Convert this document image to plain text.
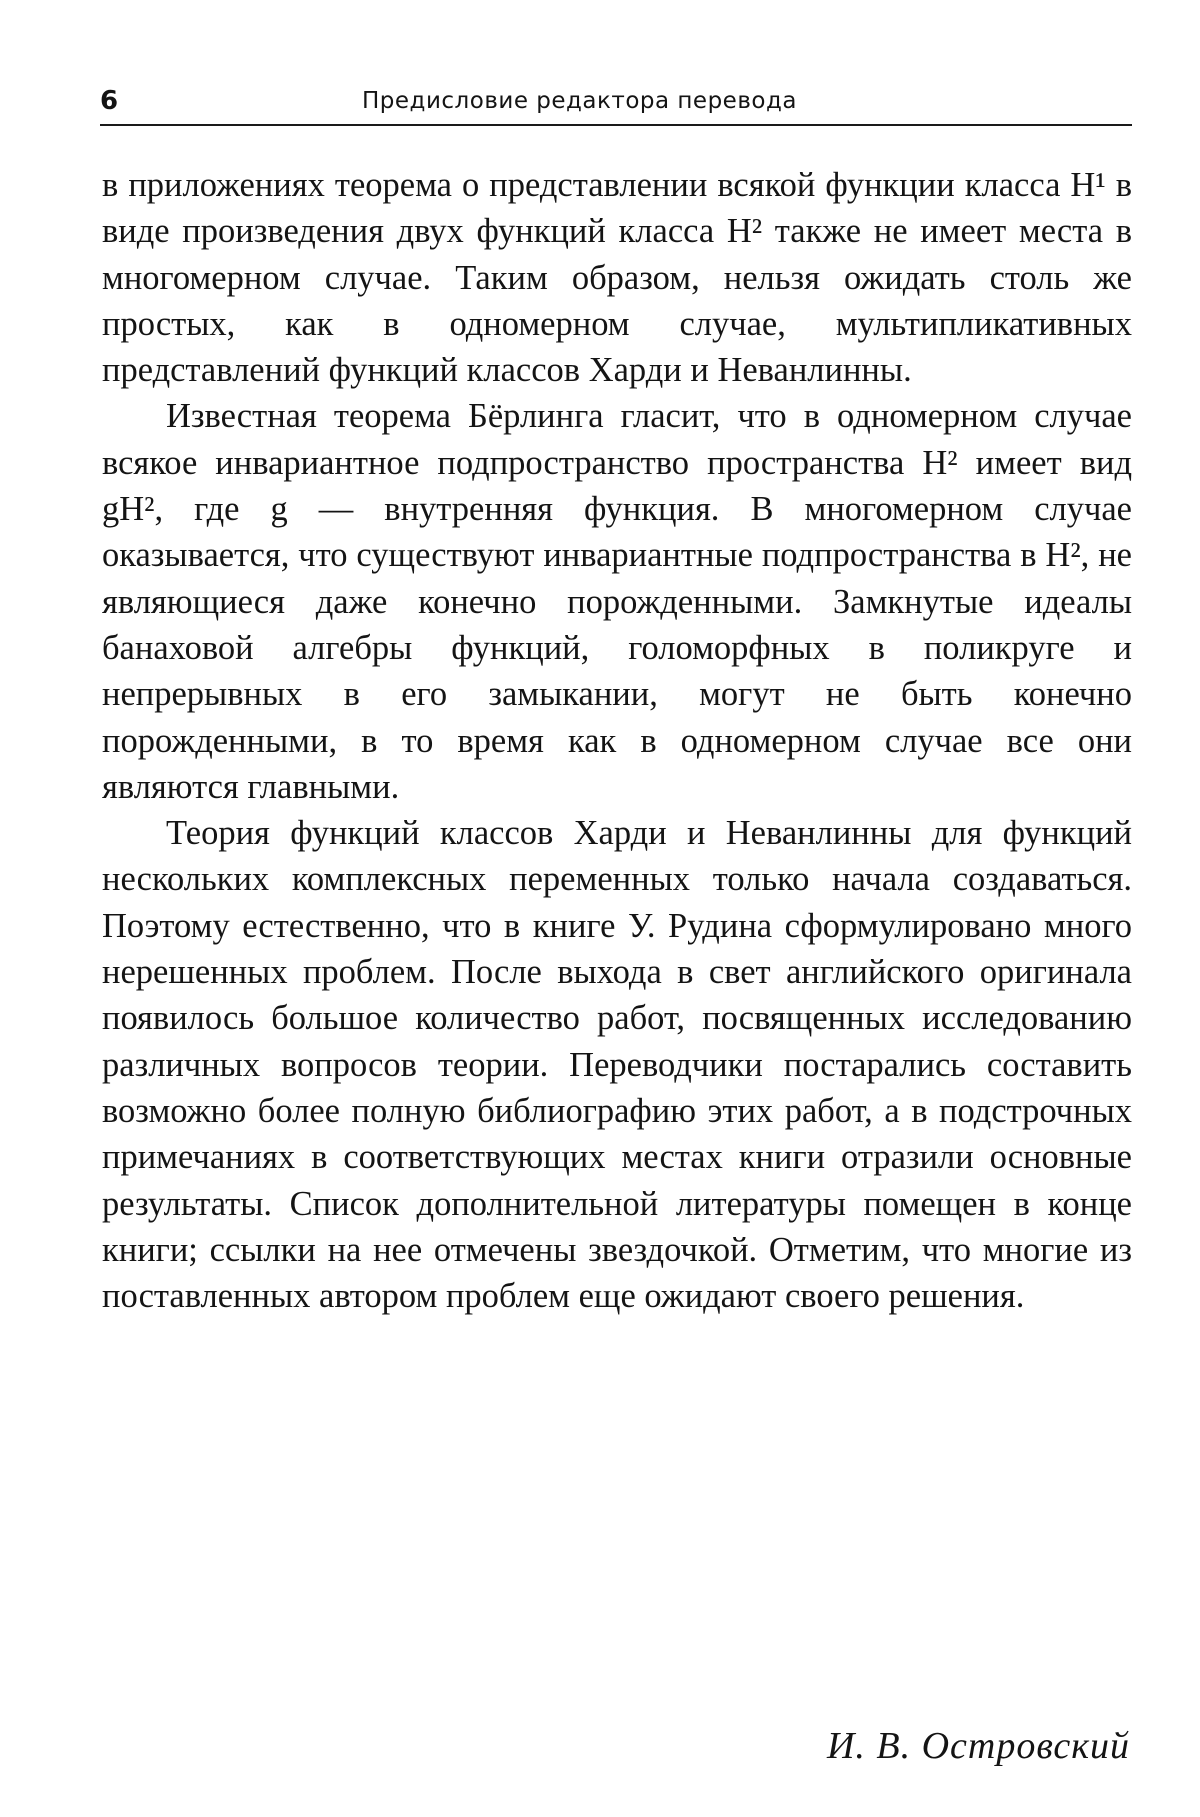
6	Предисловие редактора перевода

в приложениях теорема о представлении всякой функции класса H¹ в виде произведения двух функций класса H² также не имеет места в многомерном случае. Таким образом, нельзя ожидать столь же простых, как в одномерном случае, мультипликативных представлений функций классов Харди и Неванлинны.

Известная теорема Бёрлинга гласит, что в одномерном случае всякое инвариантное подпространство пространства H² имеет вид gH², где g — внутренняя функция. В многомерном случае оказывается, что существуют инвариантные подпространства в H², не являющиеся даже конечно порожденными. Замкнутые идеалы банаховой алгебры функций, голоморфных в поликруге и непрерывных в его замыкании, могут не быть конечно порожденными, в то время как в одномерном случае все они являются главными.

Теория функций классов Харди и Неванлинны для функций нескольких комплексных переменных только начала создаваться. Поэтому естественно, что в книге У. Рудина сформулировано много нерешенных проблем. После выхода в свет английского оригинала появилось большое количество работ, посвященных исследованию различных вопросов теории. Переводчики постарались составить возможно более полную библиографию этих работ, а в подстрочных примечаниях в соответствующих местах книги отразили основные результаты. Список дополнительной литературы помещен в конце книги; ссылки на нее отмечены звездочкой. Отметим, что многие из поставленных автором проблем еще ожидают своего решения.

И. В. Островский
